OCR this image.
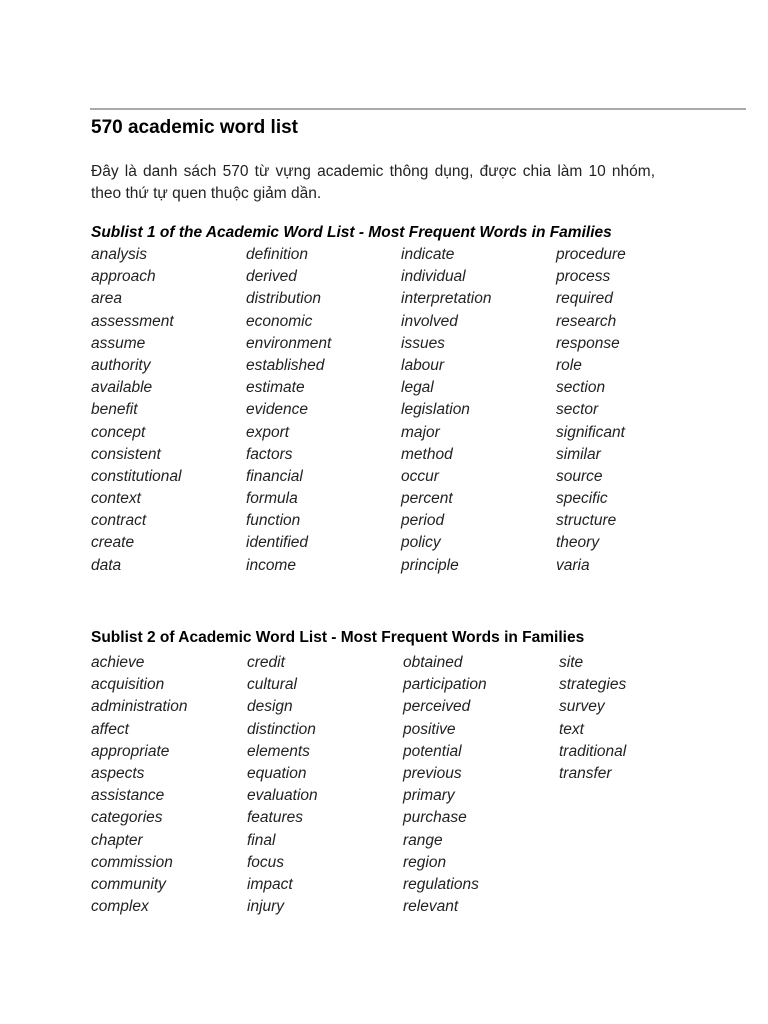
570 academic word list
Đây là danh sách 570 từ vựng academic thông dụng, được chia làm 10 nhóm, theo thứ tự quen thuộc giảm dần.
Sublist 1 of the Academic Word List - Most Frequent Words in Families
analysis
approach
area
assessment
assume
authority
available
benefit
concept
consistent
constitutional
context
contract
create
data
definition
derived
distribution
economic
environment
established
estimate
evidence
export
factors
financial
formula
function
identified
income
indicate
individual
interpretation
involved
issues
labour
legal
legislation
major
method
occur
percent
period
policy
principle
procedure
process
required
research
response
role
section
sector
significant
similar
source
specific
structure
theory
varia
Sublist 2 of Academic Word List - Most Frequent Words in Families
achieve
acquisition
administration
affect
appropriate
aspects
assistance
categories
chapter
commission
community
complex
credit
cultural
design
distinction
elements
equation
evaluation
features
final
focus
impact
injury
obtained
participation
perceived
positive
potential
previous
primary
purchase
range
region
regulations
relevant
site
strategies
survey
text
traditional
transfer
